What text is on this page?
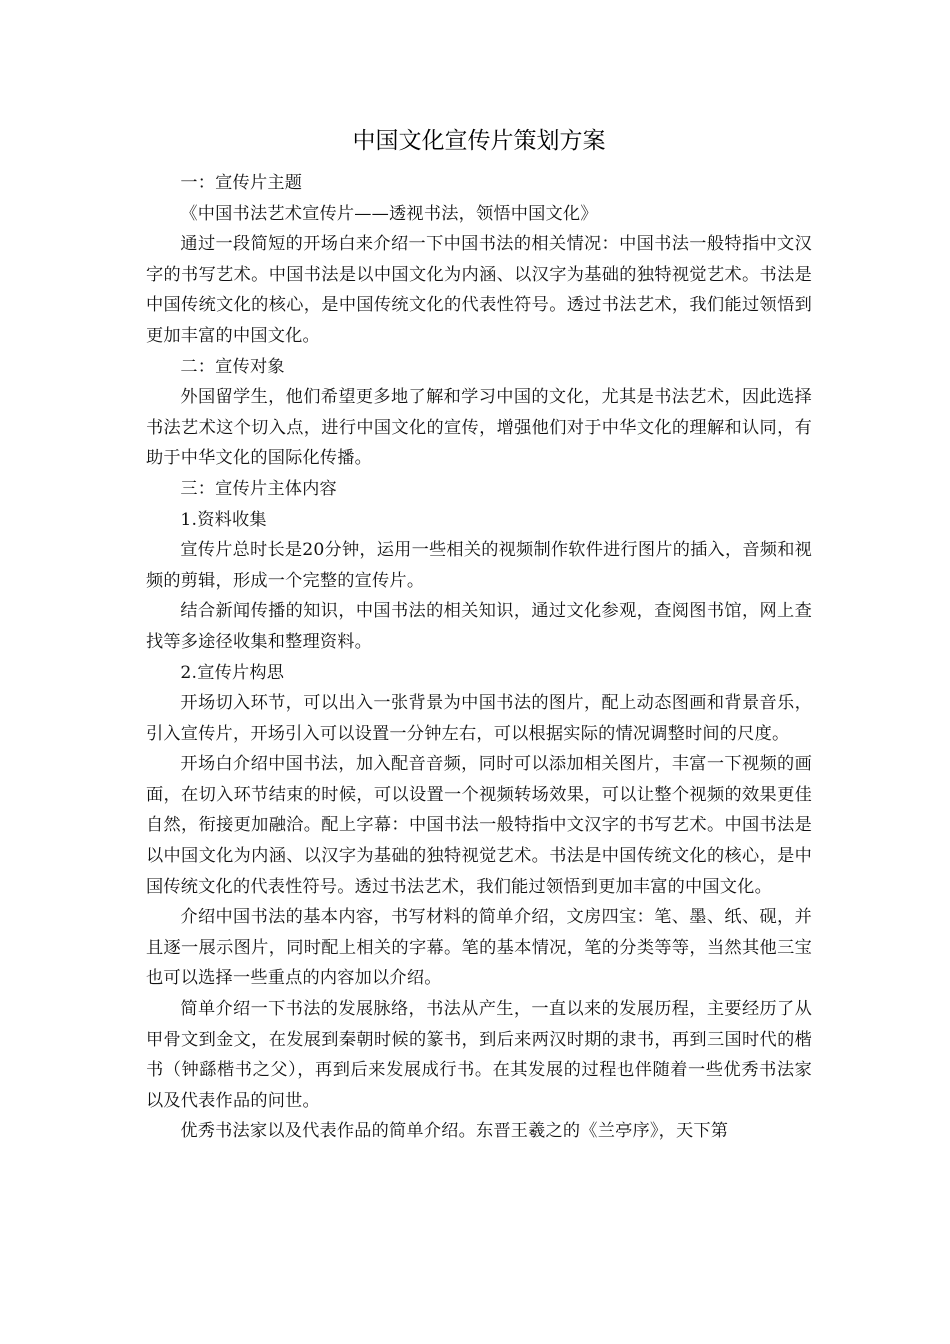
中国文化宣传片策划方案

一：宣传片主题

《中国书法艺术宣传片——透视书法，领悟中国文化》

通过一段简短的开场白来介绍一下中国书法的相关情况：中国书法一般特指中文汉字的书写艺术。中国书法是以中国文化为内涵、以汉字为基础的独特视觉艺术。书法是中国传统文化的核心，是中国传统文化的代表性符号。透过书法艺术，我们能过领悟到更加丰富的中国文化。

二：宣传对象

外国留学生，他们希望更多地了解和学习中国的文化，尤其是书法艺术，因此选择书法艺术这个切入点，进行中国文化的宣传，增强他们对于中华文化的理解和认同，有助于中华文化的国际化传播。

三：宣传片主体内容

1.资料收集

宣传片总时长是20分钟，运用一些相关的视频制作软件进行图片的插入，音频和视频的剪辑，形成一个完整的宣传片。

结合新闻传播的知识，中国书法的相关知识，通过文化参观，查阅图书馆，网上查找等多途径收集和整理资料。

2.宣传片构思

开场切入环节，可以出入一张背景为中国书法的图片，配上动态图画和背景音乐，引入宣传片，开场引入可以设置一分钟左右，可以根据实际的情况调整时间的尺度。

开场白介绍中国书法，加入配音音频，同时可以添加相关图片，丰富一下视频的画面，在切入环节结束的时候，可以设置一个视频转场效果，可以让整个视频的效果更佳自然，衔接更加融洽。配上字幕：中国书法一般特指中文汉字的书写艺术。中国书法是以中国文化为内涵、以汉字为基础的独特视觉艺术。书法是中国传统文化的核心，是中国传统文化的代表性符号。透过书法艺术，我们能过领悟到更加丰富的中国文化。

介绍中国书法的基本内容，书写材料的简单介绍，文房四宝：笔、墨、纸、砚，并且逐一展示图片，同时配上相关的字幕。笔的基本情况，笔的分类等等，当然其他三宝也可以选择一些重点的内容加以介绍。

简单介绍一下书法的发展脉络，书法从产生，一直以来的发展历程，主要经历了从甲骨文到金文，在发展到秦朝时候的篆书，到后来两汉时期的隶书，再到三国时代的楷书（钟繇楷书之父），再到后来发展成行书。在其发展的过程也伴随着一些优秀书法家以及代表作品的问世。

优秀书法家以及代表作品的简单介绍。东晋王羲之的《兰亭序》，天下第
